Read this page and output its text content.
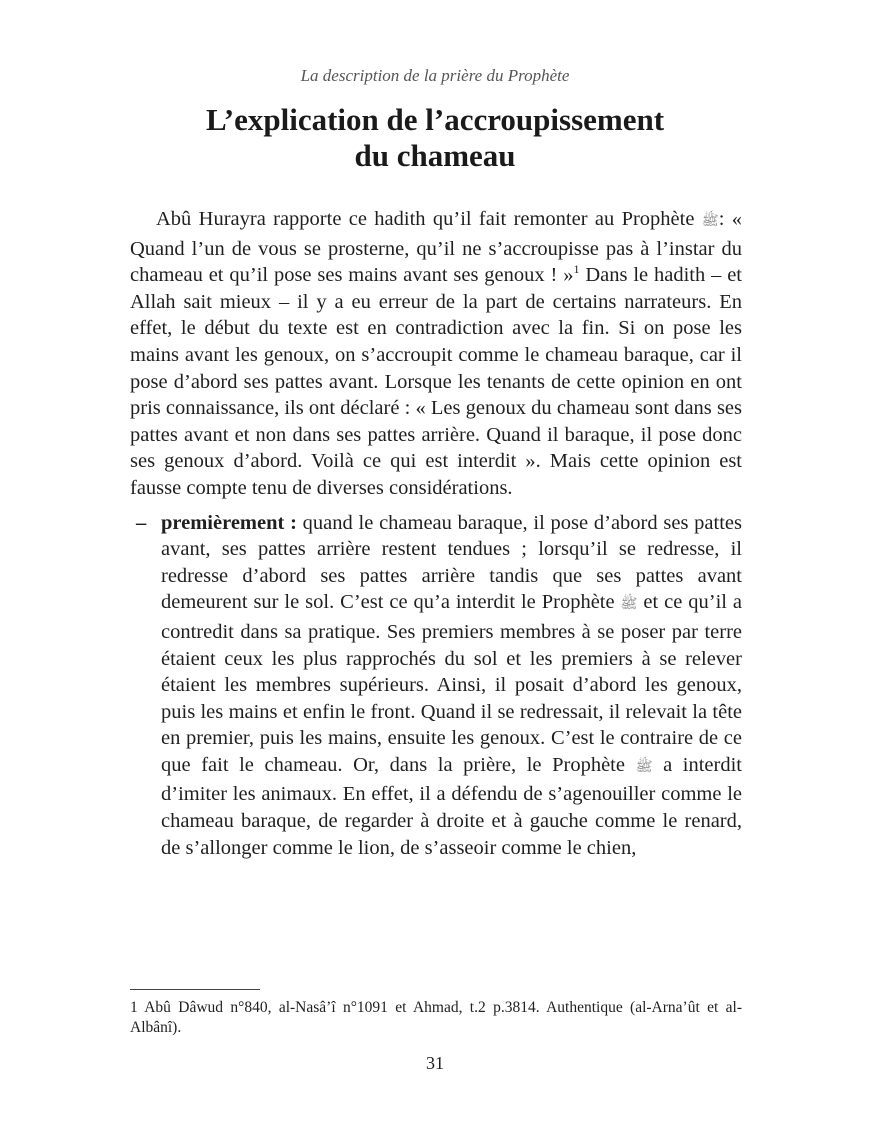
La description de la prière du Prophète
L’explication de l’accroupissement
du chameau

Abû Hurayra rapporte ce hadith qu’il fait remonter au Prophète ﷺ: « Quand l’un de vous se prosterne, qu’il ne s’accroupisse pas à l’instar du chameau et qu’il pose ses mains avant ses genoux ! »$^1$ Dans le hadith – et Allah sait mieux – il y a eu erreur de la part de certains narrateurs. En effet, le début du texte est en contradiction avec la fin. Si on pose les mains avant les genoux, on s’accroupit comme le chameau baraque, car il pose d’abord ses pattes avant. Lorsque les tenants de cette opinion en ont pris connaissance, ils ont déclaré : « Les genoux du chameau sont dans ses pattes avant et non dans ses pattes arrière. Quand il baraque, il pose donc ses genoux d’abord. Voilà ce qui est interdit ». Mais cette opinion est fausse compte tenu de diverses considérations.

– premièrement : quand le chameau baraque, il pose d’abord ses pattes avant, ses pattes arrière restent tendues ; lorsqu’il se redresse, il redresse d’abord ses pattes arrière tandis que ses pattes avant demeurent sur le sol. C’est ce qu’a interdit le Prophète ﷺ et ce qu’il a contredit dans sa pratique. Ses premiers membres à se poser par terre étaient ceux les plus rapprochés du sol et les premiers à se relever étaient les membres supérieurs. Ainsi, il posait d’abord les genoux, puis les mains et enfin le front. Quand il se redressait, il relevait la tête en premier, puis les mains, ensuite les genoux. C’est le contraire de ce que fait le chameau. Or, dans la prière, le Prophète ﷺ a interdit d’imiter les animaux. En effet, il a défendu de s’agenouiller comme le chameau baraque, de regarder à droite et à gauche comme le renard, de s’allonger comme le lion, de s’asseoir comme le chien,
1 Abû Dâwud n°840, al-Nasâ’î n°1091 et Ahmad, t.2 p.3814. Authentique (al-Arna’ût et al-Albânî).
31
